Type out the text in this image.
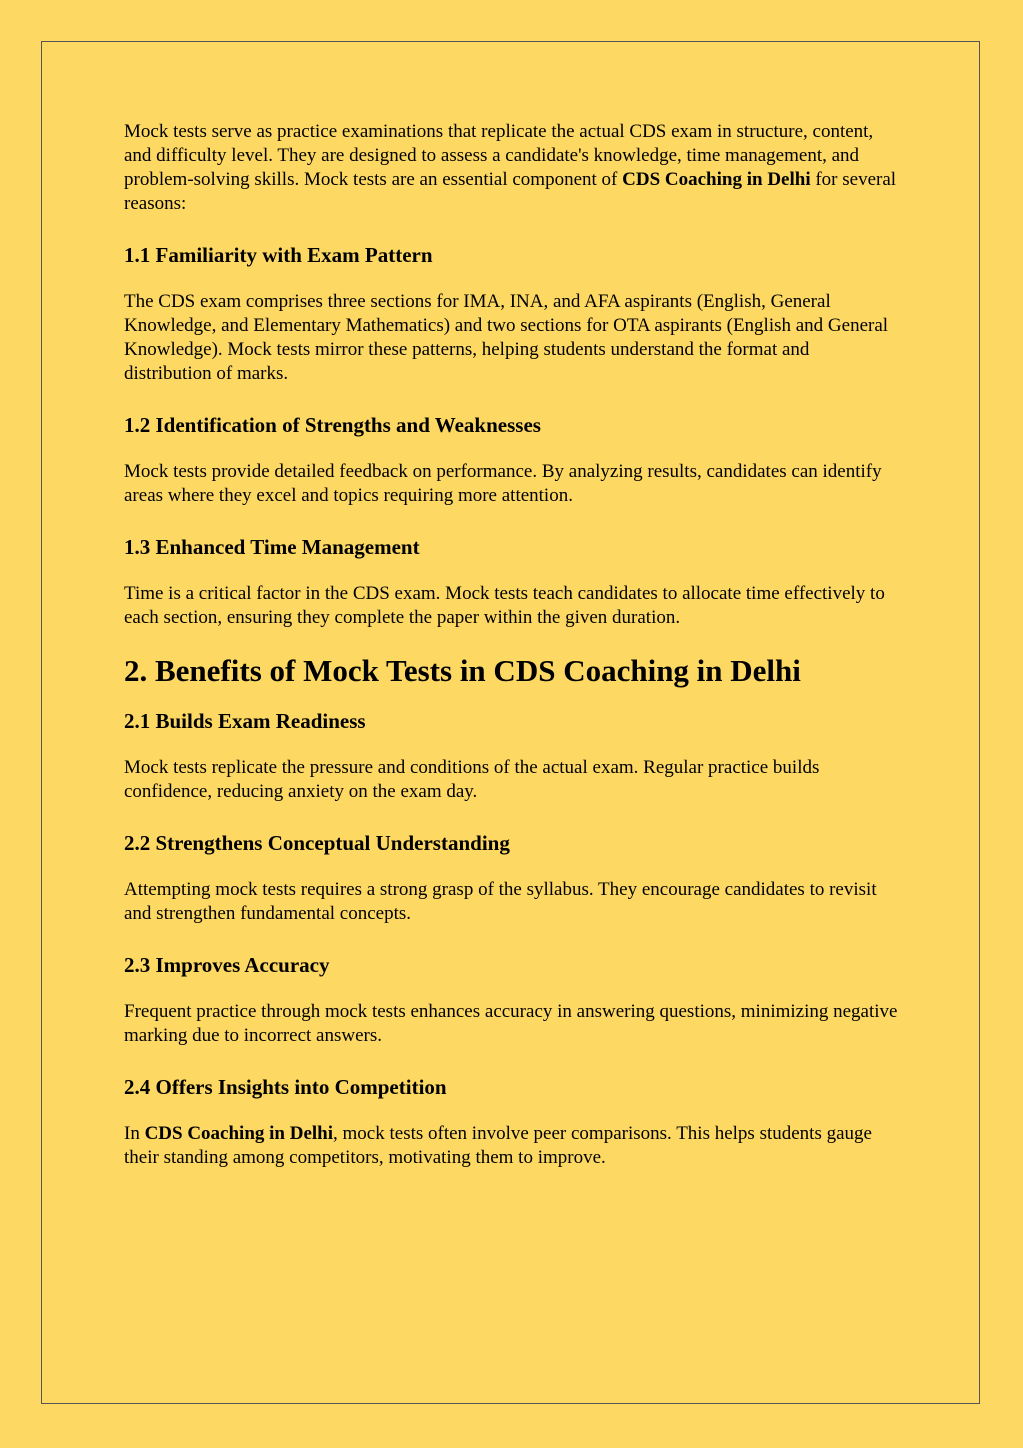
Mock tests serve as practice examinations that replicate the actual CDS exam in structure, content, and difficulty level. They are designed to assess a candidate's knowledge, time management, and problem-solving skills. Mock tests are an essential component of CDS Coaching in Delhi for several reasons:

1.1 Familiarity with Exam Pattern

The CDS exam comprises three sections for IMA, INA, and AFA aspirants (English, General Knowledge, and Elementary Mathematics) and two sections for OTA aspirants (English and General Knowledge). Mock tests mirror these patterns, helping students understand the format and distribution of marks.

1.2 Identification of Strengths and Weaknesses

Mock tests provide detailed feedback on performance. By analyzing results, candidates can identify areas where they excel and topics requiring more attention.

1.3 Enhanced Time Management

Time is a critical factor in the CDS exam. Mock tests teach candidates to allocate time effectively to each section, ensuring they complete the paper within the given duration.

2. Benefits of Mock Tests in CDS Coaching in Delhi
2.1 Builds Exam Readiness

Mock tests replicate the pressure and conditions of the actual exam. Regular practice builds confidence, reducing anxiety on the exam day.

2.2 Strengthens Conceptual Understanding

Attempting mock tests requires a strong grasp of the syllabus. They encourage candidates to revisit and strengthen fundamental concepts.

2.3 Improves Accuracy

Frequent practice through mock tests enhances accuracy in answering questions, minimizing negative marking due to incorrect answers.

2.4 Offers Insights into Competition

In CDS Coaching in Delhi, mock tests often involve peer comparisons. This helps students gauge their standing among competitors, motivating them to improve.
